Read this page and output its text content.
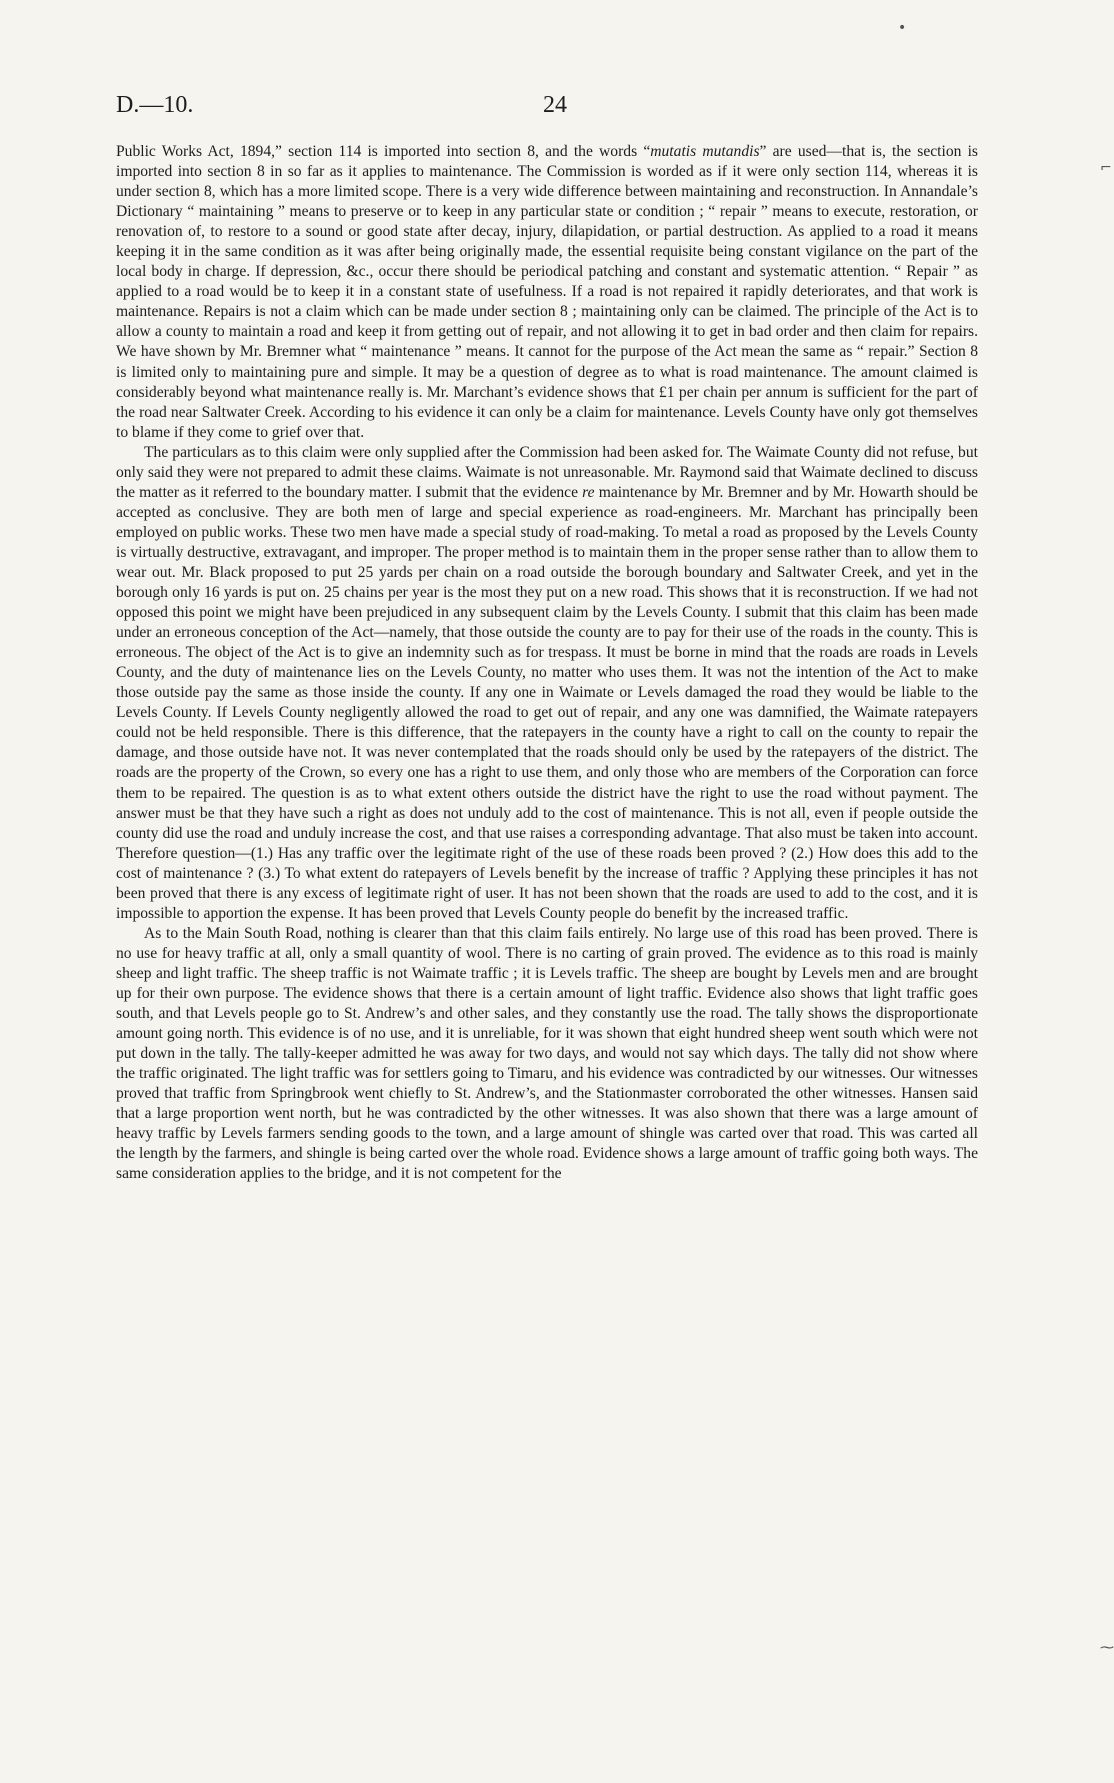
D.—10.	24

Public Works Act, 1894,” section 114 is imported into section 8, and the words “mutatis mutandis” are used—that is, the section is imported into section 8 in so far as it applies to maintenance. The Commission is worded as if it were only section 114, whereas it is under section 8, which has a more limited scope. There is a very wide difference between maintaining and reconstruction. In Annandale’s Dictionary “ maintaining ” means to preserve or to keep in any particular state or condition ; “ repair ” means to execute, restoration, or renovation of, to restore to a sound or good state after decay, injury, dilapidation, or partial destruction. As applied to a road it means keeping it in the same condition as it was after being originally made, the essential requisite being constant vigilance on the part of the local body in charge. If depression, &c., occur there should be periodical patching and constant and systematic attention. “ Repair ” as applied to a road would be to keep it in a constant state of usefulness. If a road is not repaired it rapidly deteriorates, and that work is maintenance. Repairs is not a claim which can be made under section 8 ; maintaining only can be claimed. The principle of the Act is to allow a county to maintain a road and keep it from getting out of repair, and not allowing it to get in bad order and then claim for repairs. We have shown by Mr. Bremner what “ maintenance ” means. It cannot for the purpose of the Act mean the same as “ repair.” Section 8 is limited only to maintaining pure and simple. It may be a question of degree as to what is road maintenance. The amount claimed is considerably beyond what maintenance really is. Mr. Marchant’s evidence shows that £1 per chain per annum is sufficient for the part of the road near Saltwater Creek. According to his evidence it can only be a claim for maintenance. Levels County have only got themselves to blame if they come to grief over that.

The particulars as to this claim were only supplied after the Commission had been asked for. The Waimate County did not refuse, but only said they were not prepared to admit these claims. Waimate is not unreasonable. Mr. Raymond said that Waimate declined to discuss the matter as it referred to the boundary matter. I submit that the evidence re maintenance by Mr. Bremner and by Mr. Howarth should be accepted as conclusive. They are both men of large and special experience as road-engineers. Mr. Marchant has principally been employed on public works. These two men have made a special study of road-making. To metal a road as proposed by the Levels County is virtually destructive, extravagant, and improper. The proper method is to maintain them in the proper sense rather than to allow them to wear out. Mr. Black proposed to put 25 yards per chain on a road outside the borough boundary and Saltwater Creek, and yet in the borough only 16 yards is put on. 25 chains per year is the most they put on a new road. This shows that it is reconstruction. If we had not opposed this point we might have been prejudiced in any subsequent claim by the Levels County. I submit that this claim has been made under an erroneous conception of the Act—namely, that those outside the county are to pay for their use of the roads in the county. This is erroneous. The object of the Act is to give an indemnity such as for trespass. It must be borne in mind that the roads are roads in Levels County, and the duty of maintenance lies on the Levels County, no matter who uses them. It was not the intention of the Act to make those outside pay the same as those inside the county. If any one in Waimate or Levels damaged the road they would be liable to the Levels County. If Levels County negligently allowed the road to get out of repair, and any one was damnified, the Waimate ratepayers could not be held responsible. There is this difference, that the ratepayers in the county have a right to call on the county to repair the damage, and those outside have not. It was never contemplated that the roads should only be used by the ratepayers of the district. The roads are the property of the Crown, so every one has a right to use them, and only those who are members of the Corporation can force them to be repaired. The question is as to what extent others outside the district have the right to use the road without payment. The answer must be that they have such a right as does not unduly add to the cost of maintenance. This is not all, even if people outside the county did use the road and unduly increase the cost, and that use raises a corresponding advantage. That also must be taken into account. Therefore question—(1.) Has any traffic over the legitimate right of the use of these roads been proved ? (2.) How does this add to the cost of maintenance ? (3.) To what extent do ratepayers of Levels benefit by the increase of traffic ? Applying these principles it has not been proved that there is any excess of legitimate right of user. It has not been shown that the roads are used to add to the cost, and it is impossible to apportion the expense. It has been proved that Levels County people do benefit by the increased traffic.

As to the Main South Road, nothing is clearer than that this claim fails entirely. No large use of this road has been proved. There is no use for heavy traffic at all, only a small quantity of wool. There is no carting of grain proved. The evidence as to this road is mainly sheep and light traffic. The sheep traffic is not Waimate traffic ; it is Levels traffic. The sheep are bought by Levels men and are brought up for their own purpose. The evidence shows that there is a certain amount of light traffic. Evidence also shows that light traffic goes south, and that Levels people go to St. Andrew’s and other sales, and they constantly use the road. The tally shows the disproportionate amount going north. This evidence is of no use, and it is unreliable, for it was shown that eight hundred sheep went south which were not put down in the tally. The tally-keeper admitted he was away for two days, and would not say which days. The tally did not show where the traffic originated. The light traffic was for settlers going to Timaru, and his evidence was contradicted by our witnesses. Our witnesses proved that traffic from Springbrook went chiefly to St. Andrew’s, and the Stationmaster corroborated the other witnesses. Hansen said that a large proportion went north, but he was contradicted by the other witnesses. It was also shown that there was a large amount of heavy traffic by Levels farmers sending goods to the town, and a large amount of shingle was carted over that road. This was carted all the length by the farmers, and shingle is being carted over the whole road. Evidence shows a large amount of traffic going both ways. The same consideration applies to the bridge, and it is not competent for the

•
⌐
⁓
